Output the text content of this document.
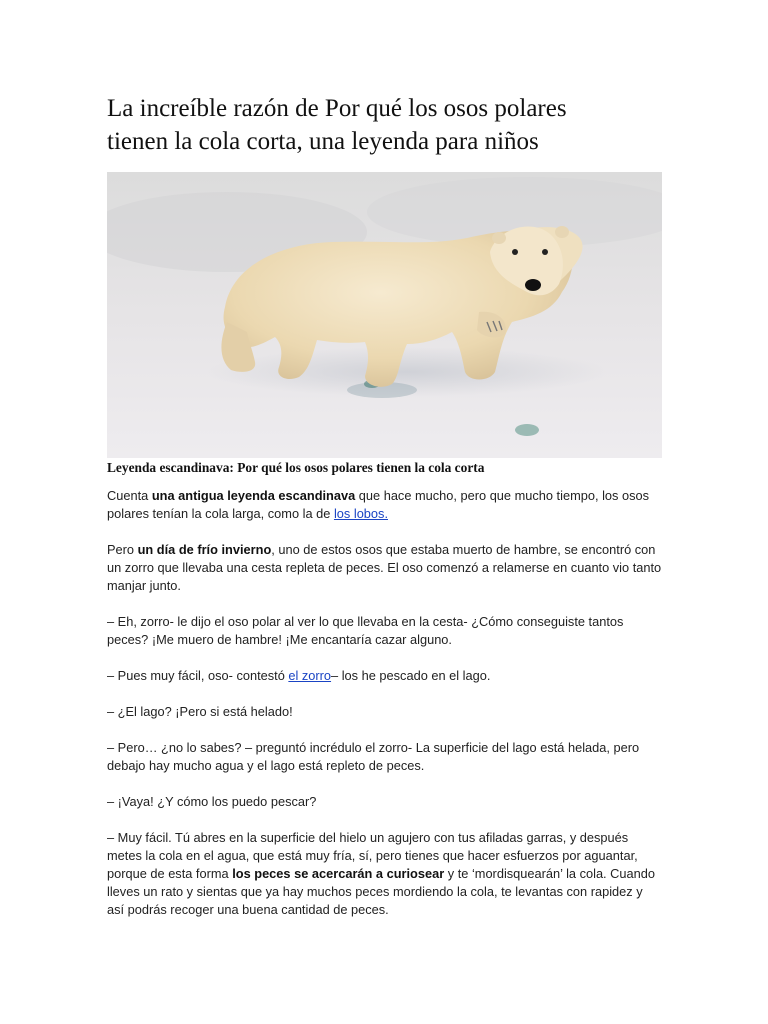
La increíble razón de Por qué los osos polares
tienen la cola corta, una leyenda para niños

Leyenda escandinava: Por qué los osos polares tienen la cola corta

Cuenta una antigua leyenda escandinava que hace mucho, pero que mucho tiempo, los osos polares tenían la cola larga, como la de los lobos.

Pero un día de frío invierno, uno de estos osos que estaba muerto de hambre, se encontró con un zorro que llevaba una cesta repleta de peces. El oso comenzó a relamerse en cuanto vio tanto manjar junto.

– Eh, zorro- le dijo el oso polar al ver lo que llevaba en la cesta- ¿Cómo conseguiste tantos peces? ¡Me muero de hambre! ¡Me encantaría cazar alguno.

– Pues muy fácil, oso- contestó el zorro– los he pescado en el lago.

– ¿El lago? ¡Pero si está helado!

– Pero… ¿no lo sabes? – preguntó incrédulo el zorro- La superficie del lago está helada, pero debajo hay mucho agua y el lago está repleto de peces.

– ¡Vaya! ¿Y cómo los puedo pescar?

– Muy fácil. Tú abres en la superficie del hielo un agujero con tus afiladas garras, y después metes la cola en el agua, que está muy fría, sí, pero tienes que hacer esfuerzos por aguantar, porque de esta forma los peces se acercarán a curiosear y te ‘mordisquearán’ la cola. Cuando lleves un rato y sientas que ya hay muchos peces mordiendo la cola, te levantas con rapidez y así podrás recoger una buena cantidad de peces.
